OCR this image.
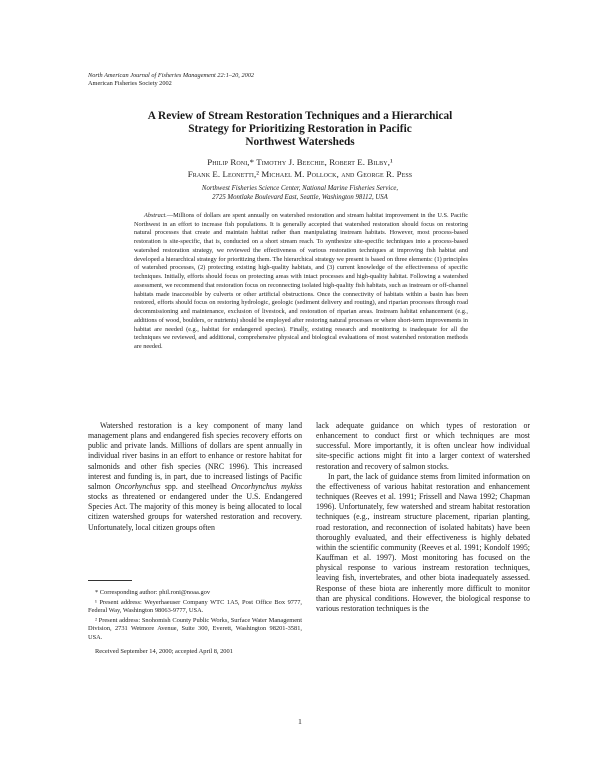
North American Journal of Fisheries Management 22:1–20, 2002
American Fisheries Society 2002
A Review of Stream Restoration Techniques and a Hierarchical
Strategy for Prioritizing Restoration in Pacific
Northwest Watersheds
Philip Roni,* Timothy J. Beechie, Robert E. Bilby,¹
Frank E. Leonetti,² Michael M. Pollock, and George R. Pess
Northwest Fisheries Science Center, National Marine Fisheries Service,
2725 Montlake Boulevard East, Seattle, Washington 98112, USA

Abstract.—Millions of dollars are spent annually on watershed restoration and stream habitat improvement in the U.S. Pacific Northwest in an effort to increase fish populations. It is generally accepted that watershed restoration should focus on restoring natural processes that create and maintain habitat rather than manipulating instream habitats. However, most process-based restoration is site-specific, that is, conducted on a short stream reach. To synthesize site-specific techniques into a process-based watershed restoration strategy, we reviewed the effectiveness of various restoration techniques at improving fish habitat and developed a hierarchical strategy for prioritizing them. The hierarchical strategy we present is based on three elements: (1) principles of watershed processes, (2) protecting existing high-quality habitats, and (3) current knowledge of the effectiveness of specific techniques. Initially, efforts should focus on protecting areas with intact processes and high-quality habitat. Following a watershed assessment, we recommend that restoration focus on reconnecting isolated high-quality fish habitats, such as instream or off-channel habitats made inaccessible by culverts or other artificial obstructions. Once the connectivity of habitats within a basin has been restored, efforts should focus on restoring hydrologic, geologic (sediment delivery and routing), and riparian processes through road decommissioning and maintenance, exclusion of livestock, and restoration of riparian areas. Instream habitat enhancement (e.g., additions of wood, boulders, or nutrients) should be employed after restoring natural processes or where short-term improvements in habitat are needed (e.g., habitat for endangered species). Finally, existing research and monitoring is inadequate for all the techniques we reviewed, and additional, comprehensive physical and biological evaluations of most watershed restoration methods are needed.

Watershed restoration is a key component of many land management plans and endangered fish species recovery efforts on public and private lands. Millions of dollars are spent annually in individual river basins in an effort to enhance or restore habitat for salmonids and other fish species (NRC 1996). This increased interest and funding is, in part, due to increased listings of Pacific salmon Oncorhynchus spp. and steelhead Oncorhynchus mykiss stocks as threatened or endangered under the U.S. Endangered Species Act. The majority of this money is being allocated to local citizen watershed groups for watershed restoration and recovery. Unfortunately, local citizen groups often

* Corresponding author: phil.roni@noaa.gov

¹ Present address: Weyerhaeuser Company WTC 1A5, Post Office Box 9777, Federal Way, Washington 98063-9777, USA.

² Present address: Snohomish County Public Works, Surface Water Management Division, 2731 Wetmore Avenue, Suite 300, Everett, Washington 98201-3581, USA.

Received September 14, 2000; accepted April 8, 2001

lack adequate guidance on which types of restoration or enhancement to conduct first or which techniques are most successful. More importantly, it is often unclear how individual site-specific actions might fit into a larger context of watershed restoration and recovery of salmon stocks.

In part, the lack of guidance stems from limited information on the effectiveness of various habitat restoration and enhancement techniques (Reeves et al. 1991; Frissell and Nawa 1992; Chapman 1996). Unfortunately, few watershed and stream habitat restoration techniques (e.g., instream structure placement, riparian planting, road restoration, and reconnection of isolated habitats) have been thoroughly evaluated, and their effectiveness is highly debated within the scientific community (Reeves et al. 1991; Kondolf 1995; Kauffman et al. 1997). Most monitoring has focused on the physical response to various instream restoration techniques, leaving fish, invertebrates, and other biota inadequately assessed. Response of these biota are inherently more difficult to monitor than are physical conditions. However, the biological response to various restoration techniques is the

1
